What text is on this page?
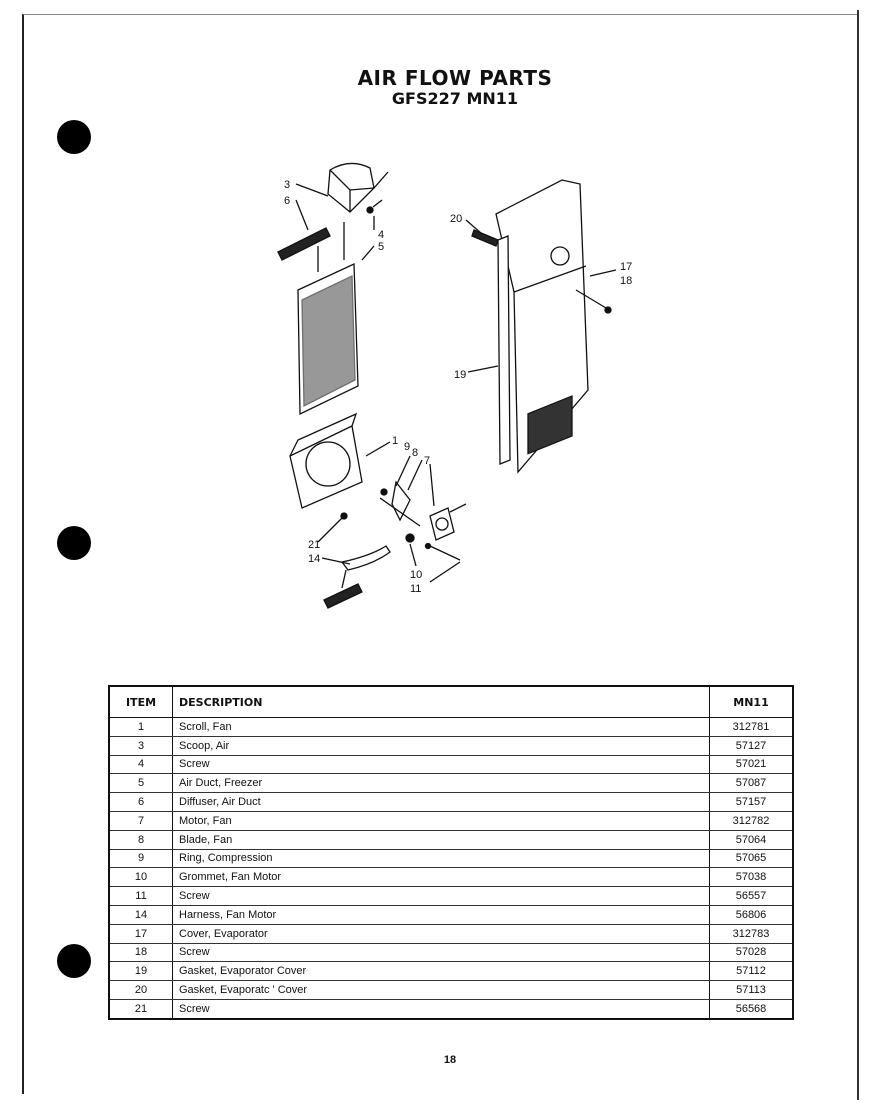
AIR FLOW PARTS
GFS227 MN11
3
6
4
5
20
17
18
19
1 9 8
7
21
14
10
11
ITEM	DESCRIPTION	MN11
1	Scroll, Fan	312781
3	Scoop, Air	57127
4	Screw	57021
5	Air Duct, Freezer	57087
6	Diffuser, Air Duct	57157
7	Motor, Fan	312782
8	Blade, Fan	57064
9	Ring, Compression	57065
10	Grommet, Fan Motor	57038
11	Screw	56557
14	Harness, Fan Motor	56806
17	Cover, Evaporator	312783
18	Screw	57028
19	Gasket, Evaporator Cover	57112
20	Gasket, Evaporatc ' Cover	57113
21	Screw	56568
18
